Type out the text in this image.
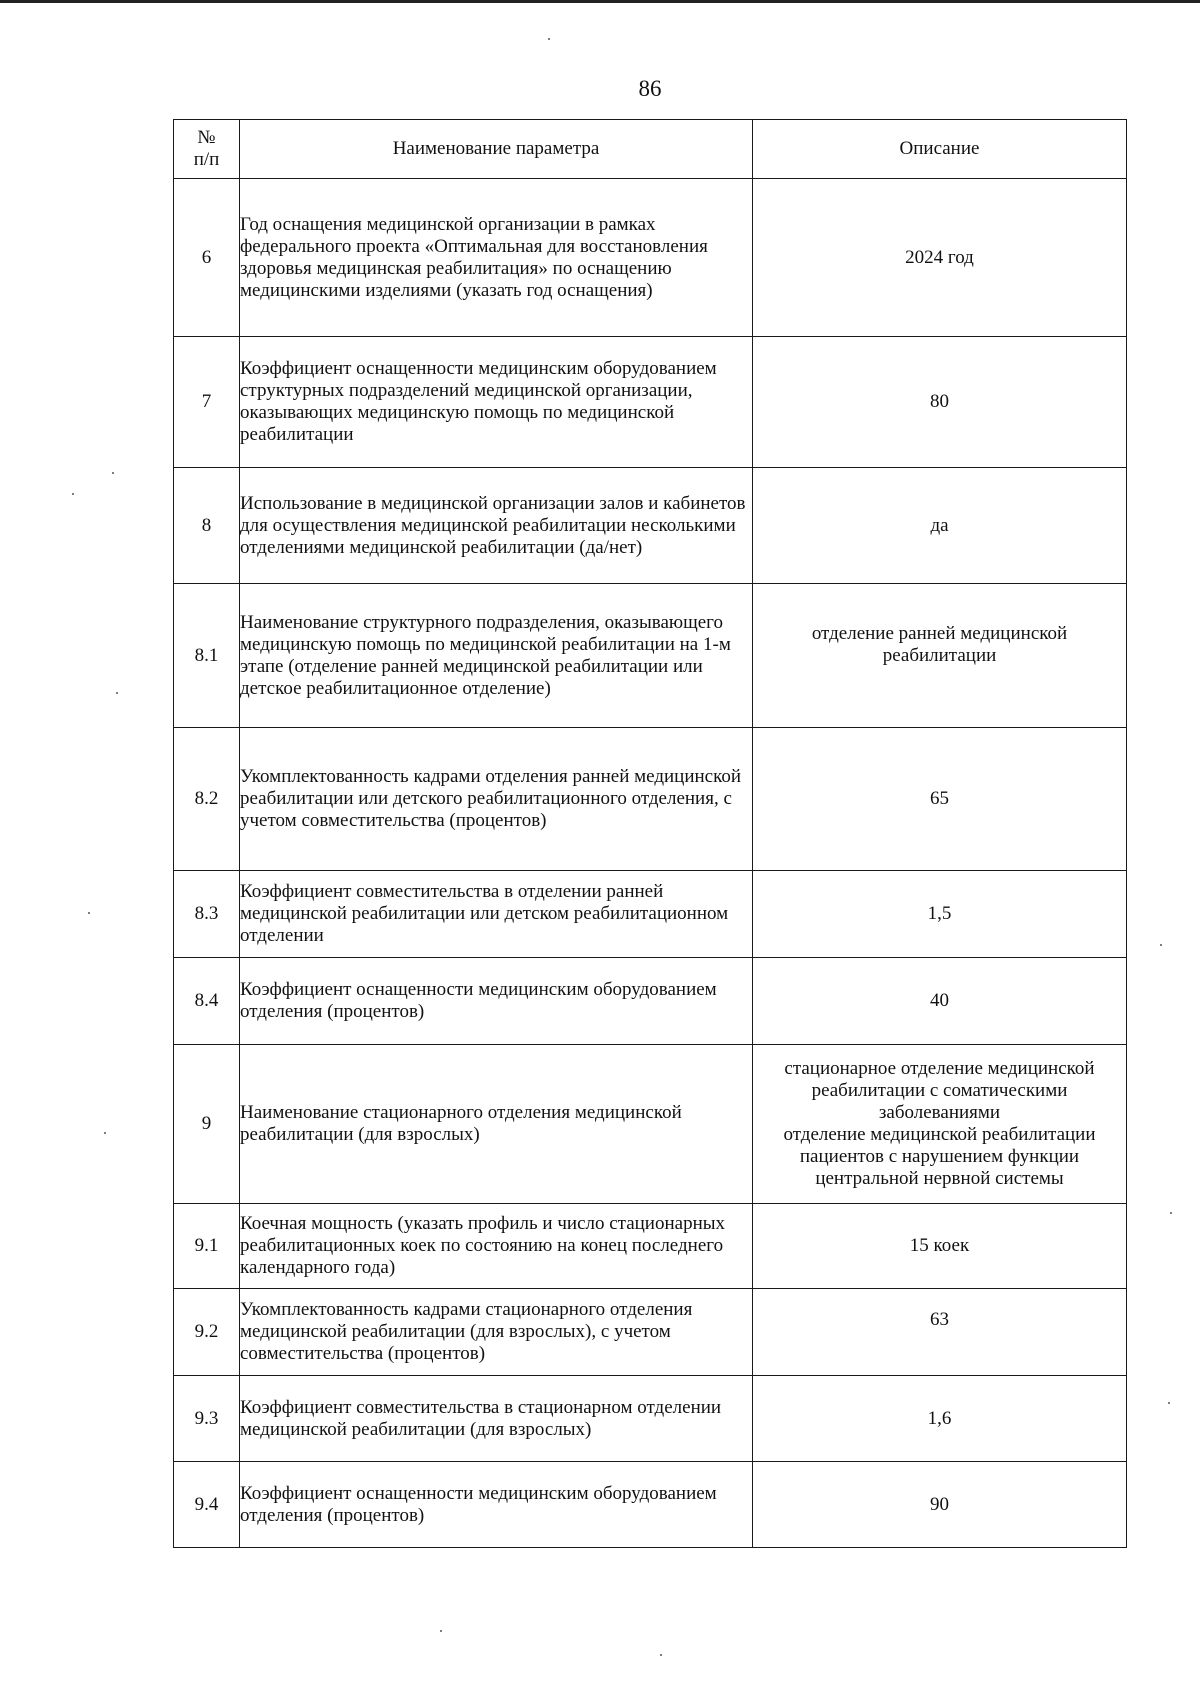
86
№
п/п	Наименование параметра	Описание
6	Год оснащения медицинской организации в рамках федерального проекта «Оптимальная для восстановления здоровья медицинская реабилитация» по оснащению медицинскими изделиями (указать год оснащения)	2024 год
7	Коэффициент оснащенности медицинским оборудованием структурных подразделений медицинской организации, оказывающих медицинскую помощь по медицинской реабилитации	80
8	Использование в медицинской организации залов и кабинетов для осуществления медицинской реабилитации несколькими отделениями медицинской реабилитации (да/нет)	да
8.1	Наименование структурного подразделения, оказывающего медицинскую помощь по медицинской реабилитации на 1-м этапе (отделение ранней медицинской реабилитации или детское реабилитационное отделение)	отделение ранней медицинской реабилитации
8.2	Укомплектованность кадрами отделения ранней медицинской реабилитации или детского реабилитационного отделения, с учетом совместительства (процентов)	65
8.3	Коэффициент совместительства в отделении ранней медицинской реабилитации или детском реабилитационном отделении	1,5
8.4	Коэффициент оснащенности медицинским оборудованием отделения (процентов)	40
9	Наименование стационарного отделения медицинской реабилитации (для взрослых)	стационарное отделение медицинской реабилитации с соматическими заболеваниями
отделение медицинской реабилитации пациентов с нарушением функции центральной нервной системы

9.1	Коечная мощность (указать профиль и число стационарных реабилитационных коек по состоянию на конец последнего календарного года)	15 коек
9.2	Укомплектованность кадрами стационарного отделения медицинской реабилитации (для взрослых), с учетом совместительства (процентов)	63
9.3	Коэффициент совместительства в стационарном отделении медицинской реабилитации (для взрослых)	1,6
9.4	Коэффициент оснащенности медицинским оборудованием отделения (процентов)	90
